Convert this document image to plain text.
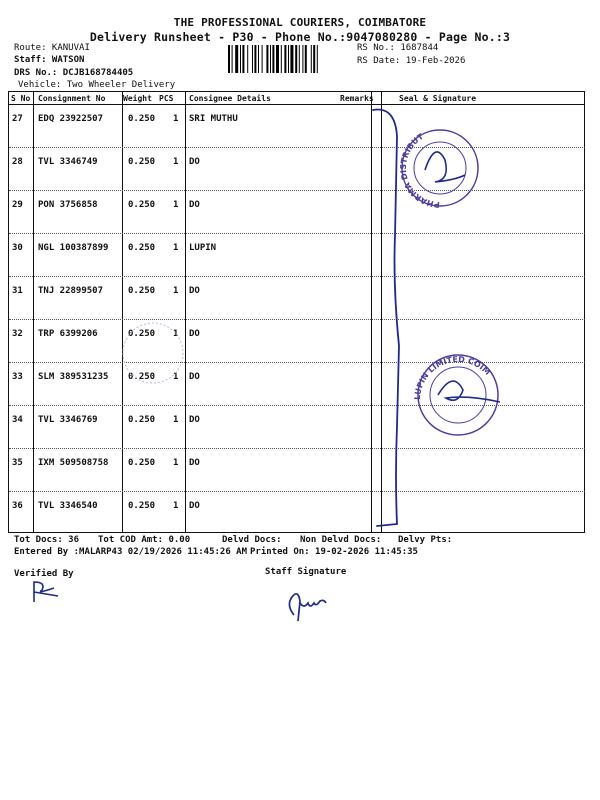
THE PROFESSIONAL COURIERS, COIMBATORE
Delivery Runsheet - P30 - Phone No.:9047080280 - Page No.:3
Route: KANUVAI
Staff: WATSON
DRS No.: DCJB168784405
Vehicle: Two Wheeler Delivery
RS No.: 1687844
RS Date: 19-Feb-2026
S No Consignment No Weight PCS Consignee Details	Remarks	Seal & Signature
27 EDQ 23922507	0.250 1 SRI MUTHU
28 TVL 3346749	0.250 1 DO
29 PON 3756858	0.250 1 DO
30 NGL 100387899 0.250 1 LUPIN
31 TNJ 22899507	0.250 1 DO
32 TRP 6399206	0.250 1 DO
33 SLM 389531235 0.250 1 DO
34 TVL 3346769	0.250 1 DO
35 IXM 509508758 0.250 1 DO
36 TVL 3346540	0.250 1 DO
PHARMA DISTRIBUT
LUPIN LIMITED COIM
Tot Docs: 36 Tot COD Amt: 0.00	Delvd Docs: Non Delvd Docs: Delvy Pts:
Entered By :MALARP43 02/19/2026 11:45:26 AM Printed On: 19-02-2026 11:45:35
Verified By	Staff Signature
